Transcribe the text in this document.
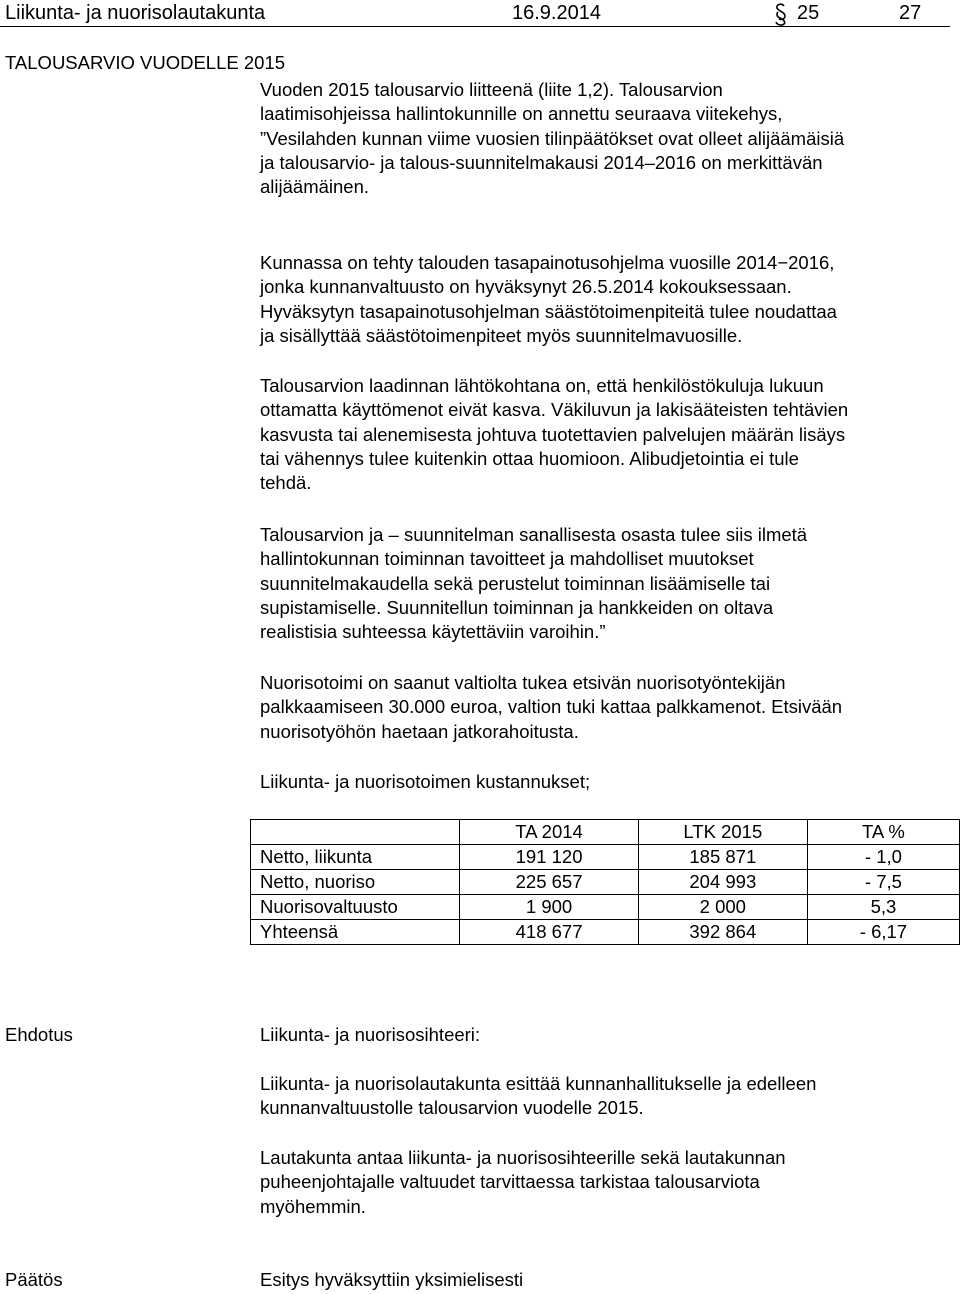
Liikunta- ja nuorisolautakunta	16.9.2014	25	27
TALOUSARVIO VUODELLE 2015

Vuoden 2015 talousarvio liitteenä (liite 1,2). Talousarvion
laatimisohjeissa hallintokunnille on annettu seuraava viitekehys,
”Vesilahden kunnan viime vuosien tilinpäätökset ovat olleet alijäämäisiä
ja talousarvio- ja talous-suunnitelmakausi 2014–2016 on merkittävän
alijäämäinen.

Kunnassa on tehty talouden tasapainotusohjelma vuosille 2014−2016,
jonka kunnanvaltuusto on hyväksynyt 26.5.2014 kokouksessaan.
Hyväksytyn tasapainotusohjelman säästötoimenpiteitä tulee noudattaa
ja sisällyttää säästötoimenpiteet myös suunnitelmavuosille.

Talousarvion laadinnan lähtökohtana on, että henkilöstökuluja lukuun
ottamatta käyttömenot eivät kasva. Väkiluvun ja lakisääteisten tehtävien
kasvusta tai alenemisesta johtuva tuotettavien palvelujen määrän lisäys
tai vähennys tulee kuitenkin ottaa huomioon. Alibudjetointia ei tule
tehdä.

Talousarvion ja – suunnitelman sanallisesta osasta tulee siis ilmetä
hallintokunnan toiminnan tavoitteet ja mahdolliset muutokset
suunnitelmakaudella sekä perustelut toiminnan lisäämiselle tai
supistamiselle. Suunnitellun toiminnan ja hankkeiden on oltava
realistisia suhteessa käytettäviin varoihin.”

Nuorisotoimi on saanut valtiolta tukea etsivän nuorisotyöntekijän
palkkaamiseen 30.000 euroa, valtion tuki kattaa palkkamenot. Etsivään
nuorisotyöhön haetaan jatkorahoitusta.

Liikunta- ja nuorisotoimen kustannukset;

	TA 2014	LTK 2015	TA %
Netto, liikunta	191 120	185 871	- 1,0
Netto, nuoriso	225 657	204 993	- 7,5
Nuorisovaltuusto	1 900	2 000	5,3
Yhteensä	418 677	392 864	- 6,17
Ehdotus	Liikunta- ja nuorisosihteeri:

Liikunta- ja nuorisolautakunta esittää kunnanhallitukselle ja edelleen
kunnanvaltuustolle talousarvion vuodelle 2015.

Lautakunta antaa liikunta- ja nuorisosihteerille sekä lautakunnan
puheenjohtajalle valtuudet tarvittaessa tarkistaa talousarviota
myöhemmin.

Päätös	Esitys hyväksyttiin yksimielisesti
